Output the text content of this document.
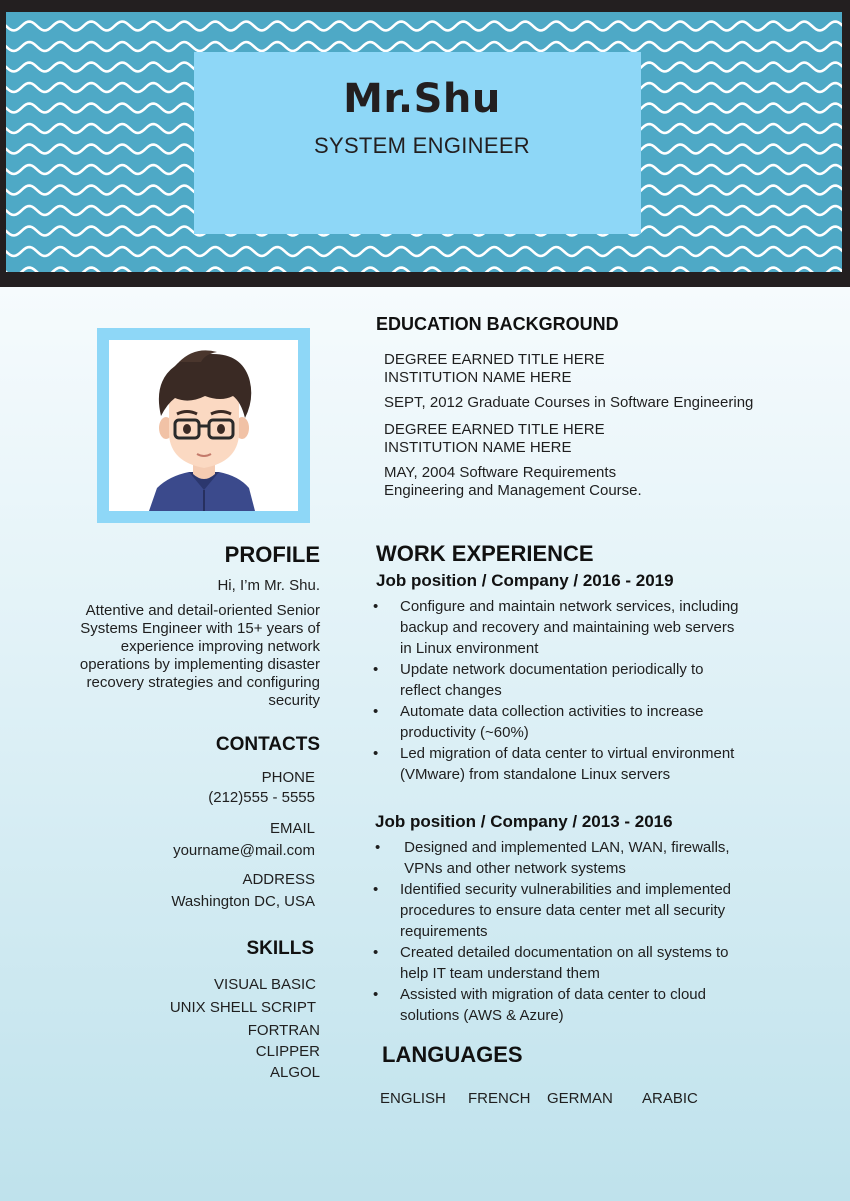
Mr.Shu
SYSTEM ENGINEER
PROFILE
Hi, I’m Mr. Shu.
Attentive and detail-oriented Senior
Systems Engineer with 15+ years of
experience improving network
operations by implementing disaster
recovery strategies and configuring
security
CONTACTS
PHONE
(212)555 - 5555
EMAIL
yourname@mail.com
ADDRESS
Washington DC, USA
SKILLS
VISUAL BASIC
UNIX SHELL SCRIPT
FORTRAN
CLIPPER
ALGOL
EDUCATION BACKGROUND
DEGREE EARNED TITLE HERE
INSTITUTION NAME HERE
SEPT, 2012 Graduate Courses in Software Engineering
DEGREE EARNED TITLE HERE
INSTITUTION NAME HERE
MAY, 2004 Software Requirements
Engineering and Management Course.
WORK EXPERIENCE
Job position / Company / 2016 - 2019
• Configure and maintain network services, including
backup and recovery and maintaining web servers
in Linux environment
• Update network documentation periodically to
reflect changes
• Automate data collection activities to increase
productivity (~60%)
• Led migration of data center to virtual environment
(VMware) from standalone Linux servers
Job position / Company / 2013 - 2016
• Designed and implemented LAN, WAN, firewalls,
VPNs and other network systems
• Identified security vulnerabilities and implemented
procedures to ensure data center met all security
requirements
• Created detailed documentation on all systems to
help IT team understand them
• Assisted with migration of data center to cloud
solutions (AWS & Azure)
LANGUAGES
ENGLISH FRENCH GERMAN ARABIC
